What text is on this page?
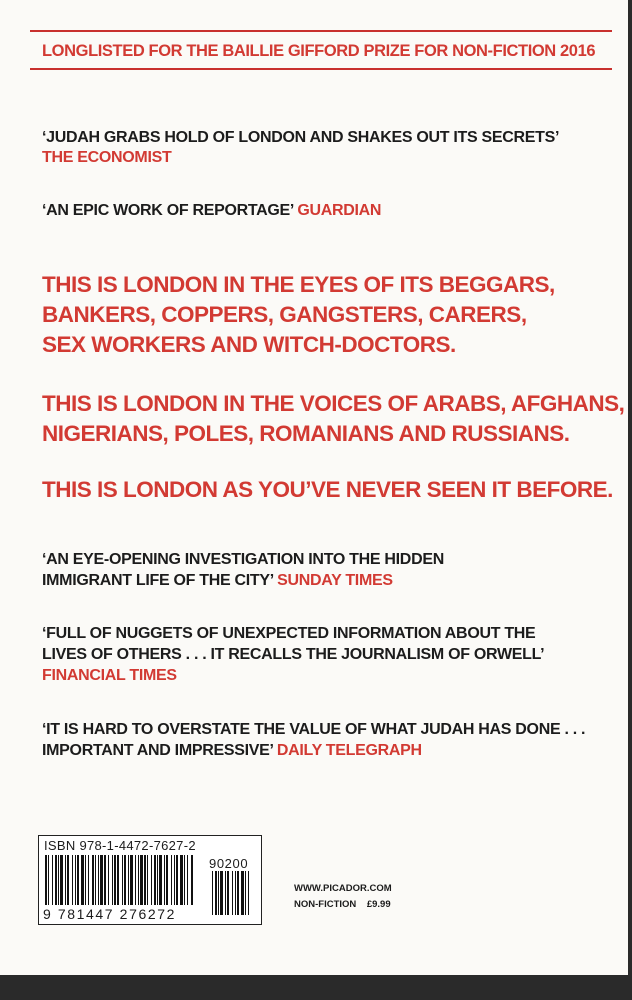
LONGLISTED FOR THE BAILLIE GIFFORD PRIZE FOR NON-FICTION 2016

‘JUDAH GRABS HOLD OF LONDON AND SHAKES OUT ITS SECRETS’

THE ECONOMIST

‘AN EPIC WORK OF REPORTAGE’ GUARDIAN

THIS IS LONDON IN THE EYES OF ITS BEGGARS,

BANKERS, COPPERS, GANGSTERS, CARERS,

SEX WORKERS AND WITCH-DOCTORS.

THIS IS LONDON IN THE VOICES OF ARABS, AFGHANS,

NIGERIANS, POLES, ROMANIANS AND RUSSIANS.

THIS IS LONDON AS YOU’VE NEVER SEEN IT BEFORE.

‘AN EYE-OPENING INVESTIGATION INTO THE HIDDEN

IMMIGRANT LIFE OF THE CITY’ SUNDAY TIMES

‘FULL OF NUGGETS OF UNEXPECTED INFORMATION ABOUT THE

LIVES OF OTHERS . . . IT RECALLS THE JOURNALISM OF ORWELL’

FINANCIAL TIMES

‘IT IS HARD TO OVERSTATE THE VALUE OF WHAT JUDAH HAS DONE . . .

IMPORTANT AND IMPRESSIVE’ DAILY TELEGRAPH

ISBN 978-1-4472-7627-2
90200
9 781447 276272
WWW.PICADOR.COM
NON-FICTION £9.99
